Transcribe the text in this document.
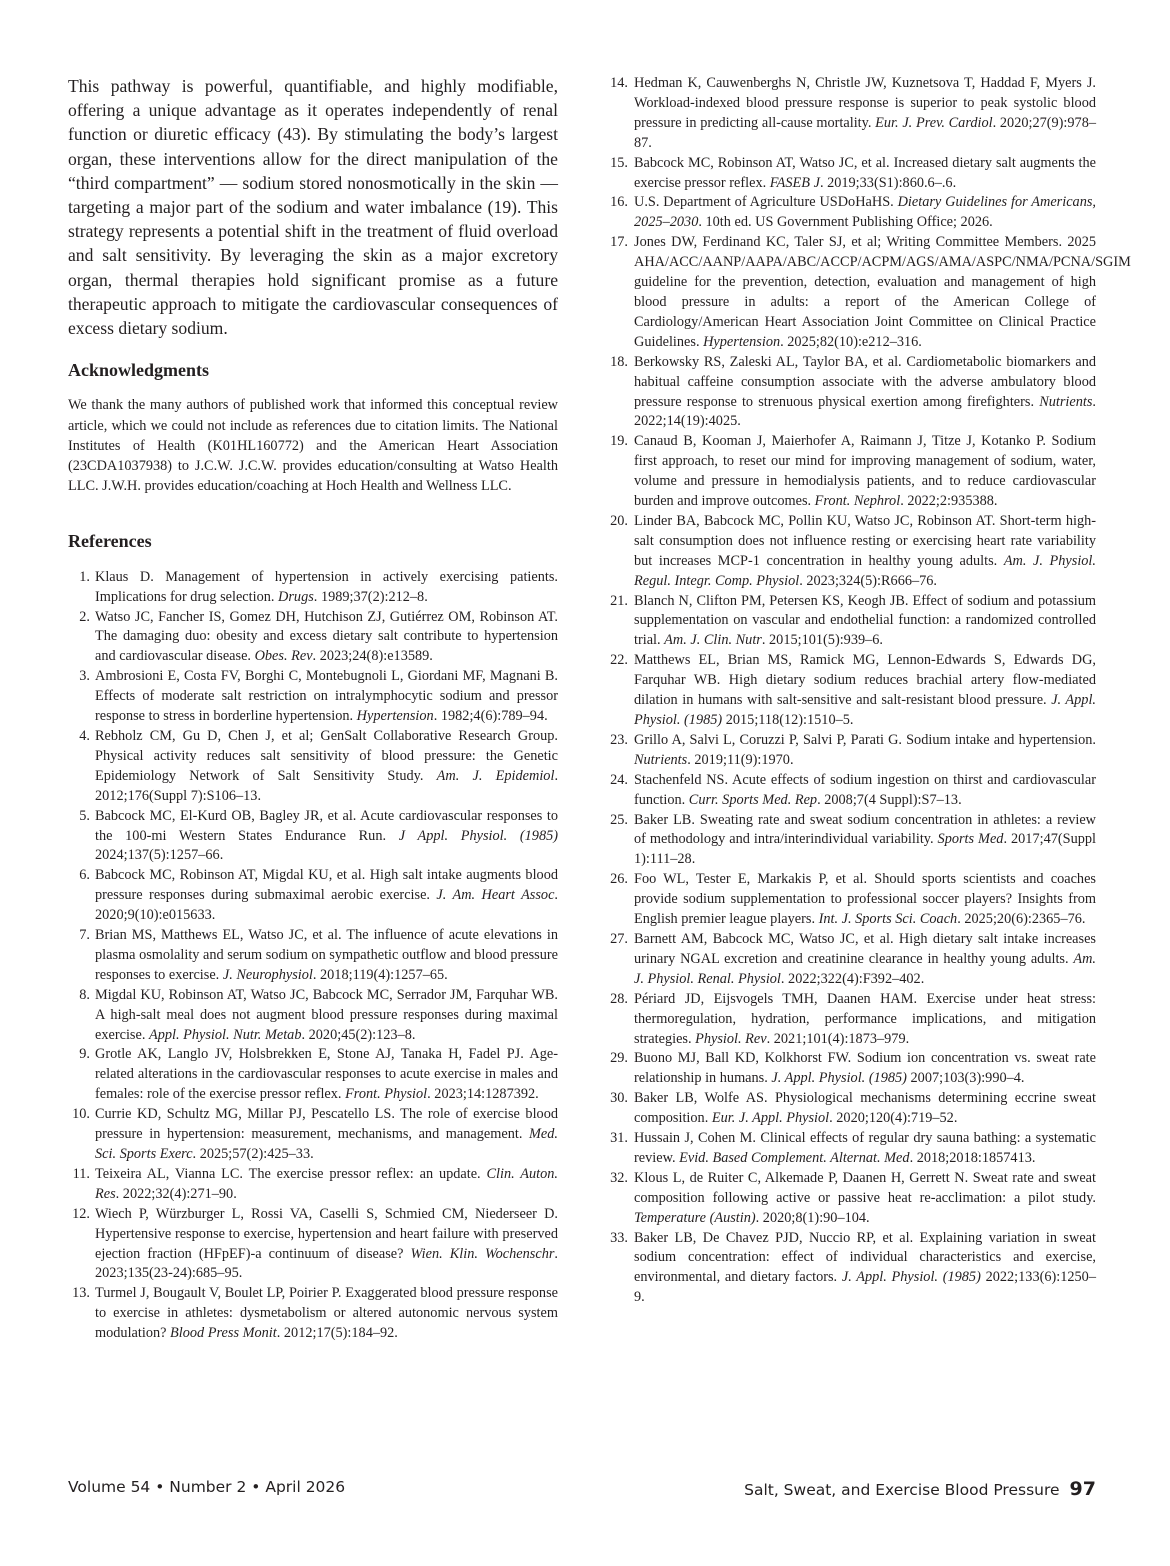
This pathway is powerful, quantifiable, and highly modifiable, offering a unique advantage as it operates independently of renal function or diuretic efficacy (43). By stimulating the body’s largest organ, these interventions allow for the direct manipulation of the “third compartment” — sodium stored nonosmotically in the skin — targeting a major part of the sodium and water imbalance (19). This strategy represents a potential shift in the treatment of fluid overload and salt sensitivity. By leveraging the skin as a major excretory organ, thermal therapies hold significant promise as a future therapeutic approach to mitigate the cardiovascular consequences of excess dietary sodium.

Acknowledgments

We thank the many authors of published work that informed this conceptual review article, which we could not include as references due to citation limits. The National Institutes of Health (K01HL160772) and the American Heart Association (23CDA1037938) to J.C.W. J.C.W. provides education/consulting at Watso Health LLC. J.W.H. provides education/coaching at Hoch Health and Wellness LLC.

References
1. Klaus D. Management of hypertension in actively exercising patients. Implications for drug selection. Drugs. 1989;37(2):212–8.
2. Watso JC, Fancher IS, Gomez DH, Hutchison ZJ, Gutiérrez OM, Robinson AT. The damaging duo: obesity and excess dietary salt contribute to hypertension and cardiovascular disease. Obes. Rev. 2023;24(8):e13589.
3. Ambrosioni E, Costa FV, Borghi C, Montebugnoli L, Giordani MF, Magnani B. Effects of moderate salt restriction on intralymphocytic sodium and pressor response to stress in borderline hypertension. Hypertension. 1982;4(6):789–94.
4. Rebholz CM, Gu D, Chen J, et al; GenSalt Collaborative Research Group. Physical activity reduces salt sensitivity of blood pressure: the Genetic Epidemiology Network of Salt Sensitivity Study. Am. J. Epidemiol. 2012;176(Suppl 7):S106–13.
5. Babcock MC, El-Kurd OB, Bagley JR, et al. Acute cardiovascular responses to the 100-mi Western States Endurance Run. J Appl. Physiol. (1985) 2024;137(5):1257–66.
6. Babcock MC, Robinson AT, Migdal KU, et al. High salt intake augments blood pressure responses during submaximal aerobic exercise. J. Am. Heart Assoc. 2020;9(10):e015633.
7. Brian MS, Matthews EL, Watso JC, et al. The influence of acute elevations in plasma osmolality and serum sodium on sympathetic outflow and blood pressure responses to exercise. J. Neurophysiol. 2018;119(4):1257–65.
8. Migdal KU, Robinson AT, Watso JC, Babcock MC, Serrador JM, Farquhar WB. A high-salt meal does not augment blood pressure responses during maximal exercise. Appl. Physiol. Nutr. Metab. 2020;45(2):123–8.
9. Grotle AK, Langlo JV, Holsbrekken E, Stone AJ, Tanaka H, Fadel PJ. Age-related alterations in the cardiovascular responses to acute exercise in males and females: role of the exercise pressor reflex. Front. Physiol. 2023;14:1287392.
10. Currie KD, Schultz MG, Millar PJ, Pescatello LS. The role of exercise blood pressure in hypertension: measurement, mechanisms, and management. Med. Sci. Sports Exerc. 2025;57(2):425–33.
11. Teixeira AL, Vianna LC. The exercise pressor reflex: an update. Clin. Auton. Res. 2022;32(4):271–90.
12. Wiech P, Würzburger L, Rossi VA, Caselli S, Schmied CM, Niederseer D. Hypertensive response to exercise, hypertension and heart failure with preserved ejection fraction (HFpEF)-a continuum of disease? Wien. Klin. Wochenschr. 2023;135(23-24):685–95.
13. Turmel J, Bougault V, Boulet LP, Poirier P. Exaggerated blood pressure response to exercise in athletes: dysmetabolism or altered autonomic nervous system modulation? Blood Press Monit. 2012;17(5):184–92.
14. Hedman K, Cauwenberghs N, Christle JW, Kuznetsova T, Haddad F, Myers J. Workload-indexed blood pressure response is superior to peak systolic blood pressure in predicting all-cause mortality. Eur. J. Prev. Cardiol. 2020;27(9):978–87.
15. Babcock MC, Robinson AT, Watso JC, et al. Increased dietary salt augments the exercise pressor reflex. FASEB J. 2019;33(S1):860.6–.6.
16. U.S. Department of Agriculture USDoHaHS. Dietary Guidelines for Americans, 2025–2030. 10th ed. US Government Publishing Office; 2026.
17. Jones DW, Ferdinand KC, Taler SJ, et al; Writing Committee Members. 2025 AHA/ACC/AANP/AAPA/ABC/ACCP/ACPM/AGS/AMA/ASPC/NMA/PCNA/SGIM guideline for the prevention, detection, evaluation and management of high blood pressure in adults: a report of the American College of Cardiology/American Heart Association Joint Committee on Clinical Practice Guidelines. Hypertension. 2025;82(10):e212–316.
18. Berkowsky RS, Zaleski AL, Taylor BA, et al. Cardiometabolic biomarkers and habitual caffeine consumption associate with the adverse ambulatory blood pressure response to strenuous physical exertion among firefighters. Nutrients. 2022;14(19):4025.
19. Canaud B, Kooman J, Maierhofer A, Raimann J, Titze J, Kotanko P. Sodium first approach, to reset our mind for improving management of sodium, water, volume and pressure in hemodialysis patients, and to reduce cardiovascular burden and improve outcomes. Front. Nephrol. 2022;2:935388.
20. Linder BA, Babcock MC, Pollin KU, Watso JC, Robinson AT. Short-term high-salt consumption does not influence resting or exercising heart rate variability but increases MCP-1 concentration in healthy young adults. Am. J. Physiol. Regul. Integr. Comp. Physiol. 2023;324(5):R666–76.
21. Blanch N, Clifton PM, Petersen KS, Keogh JB. Effect of sodium and potassium supplementation on vascular and endothelial function: a randomized controlled trial. Am. J. Clin. Nutr. 2015;101(5):939–6.
22. Matthews EL, Brian MS, Ramick MG, Lennon-Edwards S, Edwards DG, Farquhar WB. High dietary sodium reduces brachial artery flow-mediated dilation in humans with salt-sensitive and salt-resistant blood pressure. J. Appl. Physiol. (1985) 2015;118(12):1510–5.
23. Grillo A, Salvi L, Coruzzi P, Salvi P, Parati G. Sodium intake and hypertension. Nutrients. 2019;11(9):1970.
24. Stachenfeld NS. Acute effects of sodium ingestion on thirst and cardiovascular function. Curr. Sports Med. Rep. 2008;7(4 Suppl):S7–13.
25. Baker LB. Sweating rate and sweat sodium concentration in athletes: a review of methodology and intra/interindividual variability. Sports Med. 2017;47(Suppl 1):111–28.
26. Foo WL, Tester E, Markakis P, et al. Should sports scientists and coaches provide sodium supplementation to professional soccer players? Insights from English premier league players. Int. J. Sports Sci. Coach. 2025;20(6):2365–76.
27. Barnett AM, Babcock MC, Watso JC, et al. High dietary salt intake increases urinary NGAL excretion and creatinine clearance in healthy young adults. Am. J. Physiol. Renal. Physiol. 2022;322(4):F392–402.
28. Périard JD, Eijsvogels TMH, Daanen HAM. Exercise under heat stress: thermoregulation, hydration, performance implications, and mitigation strategies. Physiol. Rev. 2021;101(4):1873–979.
29. Buono MJ, Ball KD, Kolkhorst FW. Sodium ion concentration vs. sweat rate relationship in humans. J. Appl. Physiol. (1985) 2007;103(3):990–4.
30. Baker LB, Wolfe AS. Physiological mechanisms determining eccrine sweat composition. Eur. J. Appl. Physiol. 2020;120(4):719–52.
31. Hussain J, Cohen M. Clinical effects of regular dry sauna bathing: a systematic review. Evid. Based Complement. Alternat. Med. 2018;2018:1857413.
32. Klous L, de Ruiter C, Alkemade P, Daanen H, Gerrett N. Sweat rate and sweat composition following active or passive heat re-acclimation: a pilot study. Temperature (Austin). 2020;8(1):90–104.
33. Baker LB, De Chavez PJD, Nuccio RP, et al. Explaining variation in sweat sodium concentration: effect of individual characteristics and exercise, environmental, and dietary factors. J. Appl. Physiol. (1985) 2022;133(6):1250–9.
Volume 54 • Number 2 • April 2026	Salt, Sweat, and Exercise Blood Pressure 97
